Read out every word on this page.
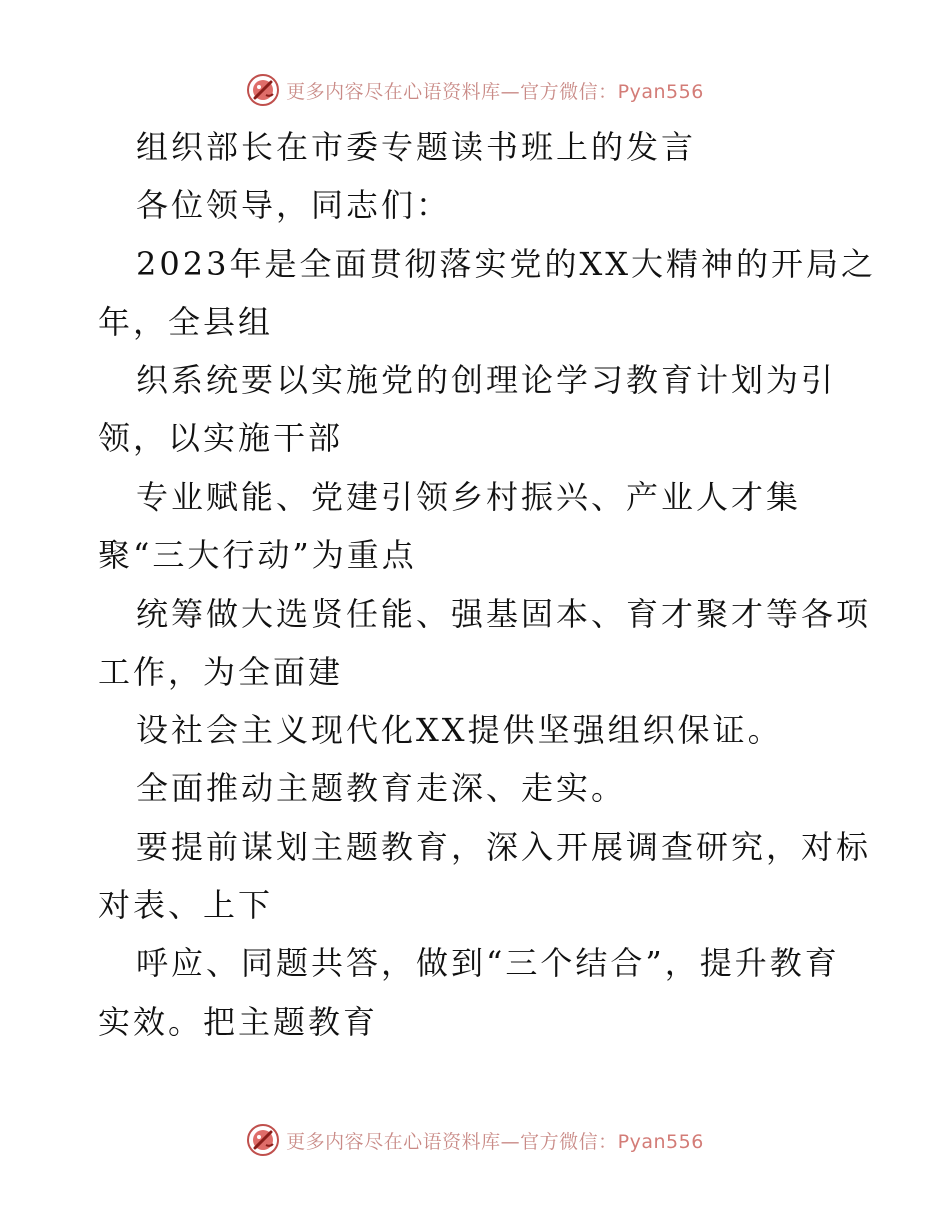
更多内容尽在心语资料库—官方微信：Pyan556
组织部长在市委专题读书班上的发言
各位领导，同志们：
2023年是全面贯彻落实党的XX大精神的开局之
年，全县组
织系统要以实施党的创理论学习教育计划为引
领，以实施干部
专业赋能、党建引领乡村振兴、产业人才集
聚“三大行动”为重点
统筹做大选贤任能、强基固本、育才聚才等各项
工作，为全面建
设社会主义现代化XX提供坚强组织保证。
全面推动主题教育走深、走实。
要提前谋划主题教育，深入开展调查研究，对标
对表、上下
呼应、同题共答，做到“三个结合”，提升教育
实效。把主题教育
更多内容尽在心语资料库—官方微信：Pyan556
